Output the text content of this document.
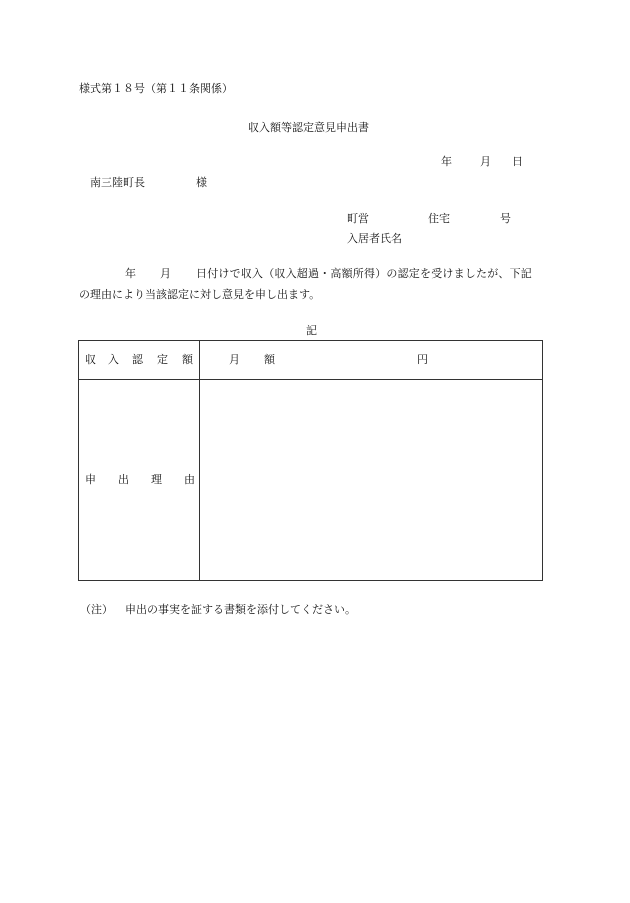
様式第１８号（第１１条関係）
収入額等認定意見申出書
年	月 日
南三陸町長	様
町営	住宅	号
入居者氏名
年 月 日付けで収入（収入超過・高額所得）の認定を受けましたが、下記
の理由により当該認定に対し意見を申し出ます。
記
収 入 認 定 額	月 額	円
申 出 理 由
（注） 申出の事実を証する書類を添付してください。
